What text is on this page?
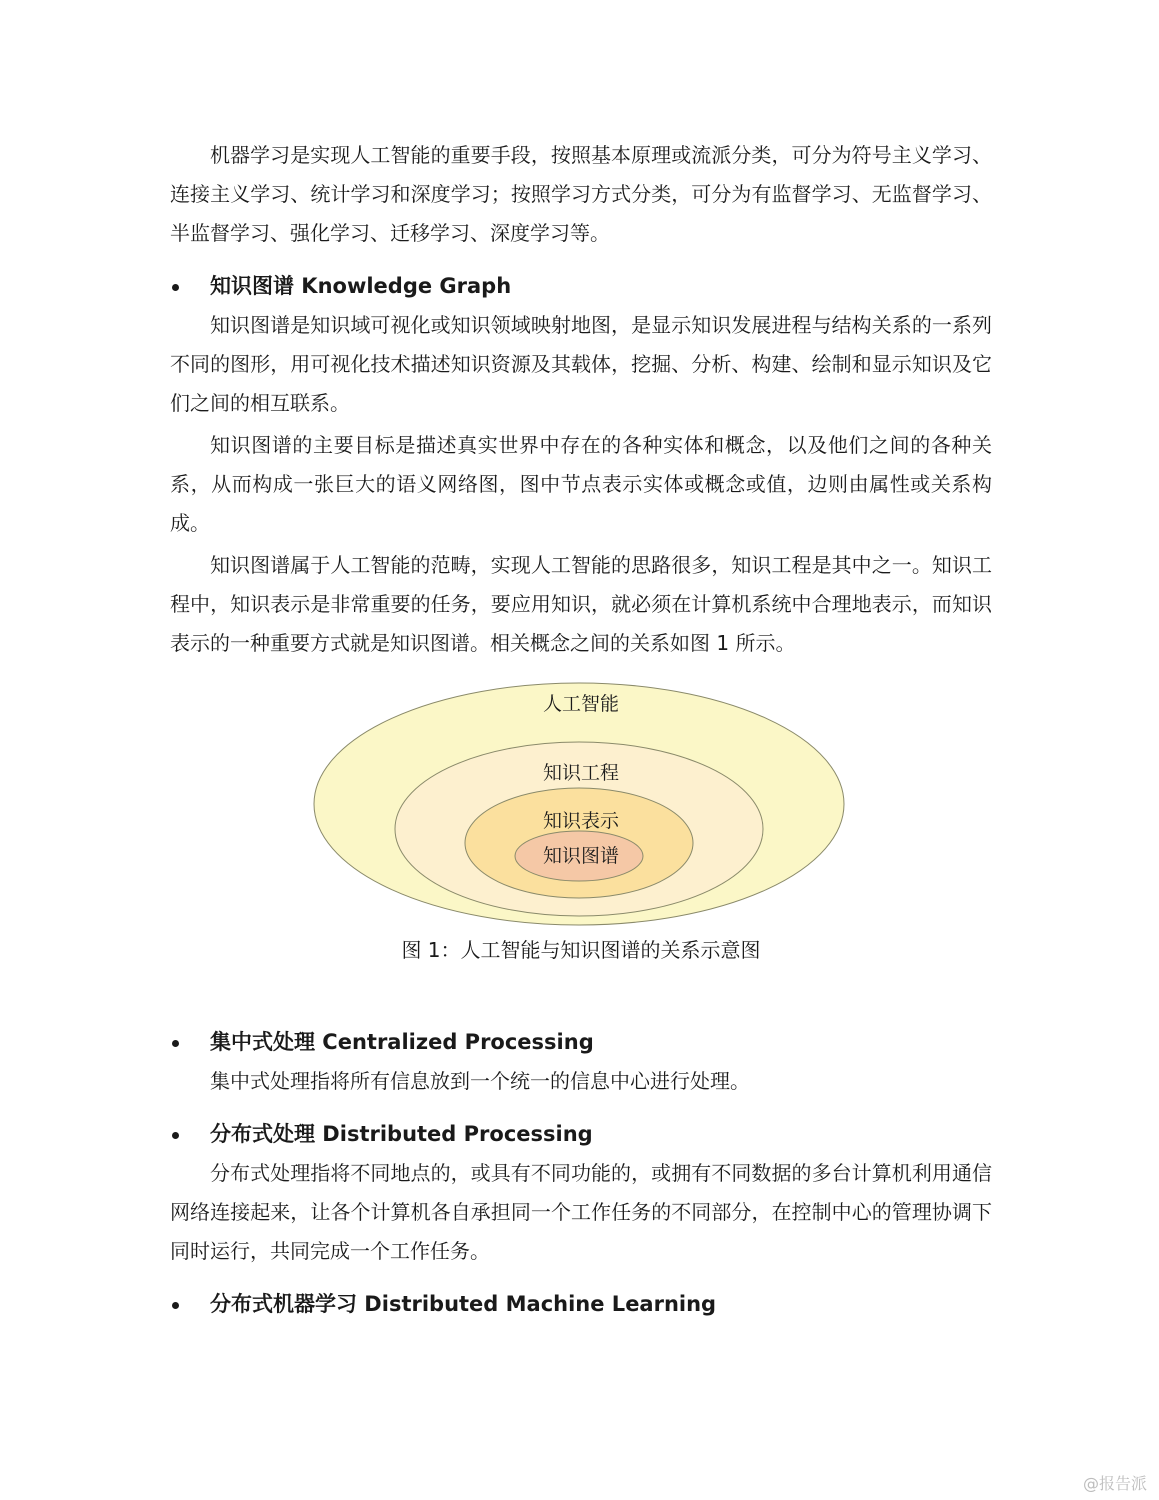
机器学习是实现人工智能的重要手段，按照基本原理或流派分类，可分为符号主义学习、连接主义学习、统计学习和深度学习；按照学习方式分类，可分为有监督学习、无监督学习、半监督学习、强化学习、迁移学习、深度学习等。

知识图谱 Knowledge Graph

知识图谱是知识域可视化或知识领域映射地图，是显示知识发展进程与结构关系的一系列不同的图形，用可视化技术描述知识资源及其载体，挖掘、分析、构建、绘制和显示知识及它们之间的相互联系。

知识图谱的主要目标是描述真实世界中存在的各种实体和概念，以及他们之间的各种关系，从而构成一张巨大的语义网络图，图中节点表示实体或概念或值，边则由属性或关系构成。

知识图谱属于人工智能的范畴，实现人工智能的思路很多，知识工程是其中之一。知识工程中，知识表示是非常重要的任务，要应用知识，就必须在计算机系统中合理地表示，而知识表示的一种重要方式就是知识图谱。相关概念之间的关系如图 1 所示。

人工智能
知识工程
知识表示
知识图谱
图 1：人工智能与知识图谱的关系示意图
集中式处理 Centralized Processing

集中式处理指将所有信息放到一个统一的信息中心进行处理。

分布式处理 Distributed Processing

分布式处理指将不同地点的，或具有不同功能的，或拥有不同数据的多台计算机利用通信网络连接起来，让各个计算机各自承担同一个工作任务的不同部分，在控制中心的管理协调下同时运行，共同完成一个工作任务。

分布式机器学习 Distributed Machine Learning
@报告派
